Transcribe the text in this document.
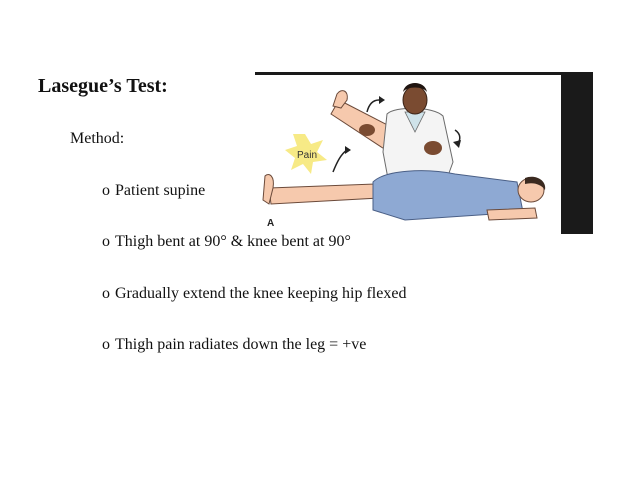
Lasegue’s Test:
Method:
o Patient supine
o Thigh bent at 90° & knee bent at 90°
o Gradually extend the knee keeping hip flexed
o Thigh pain radiates down the leg = +ve
Pain
A
